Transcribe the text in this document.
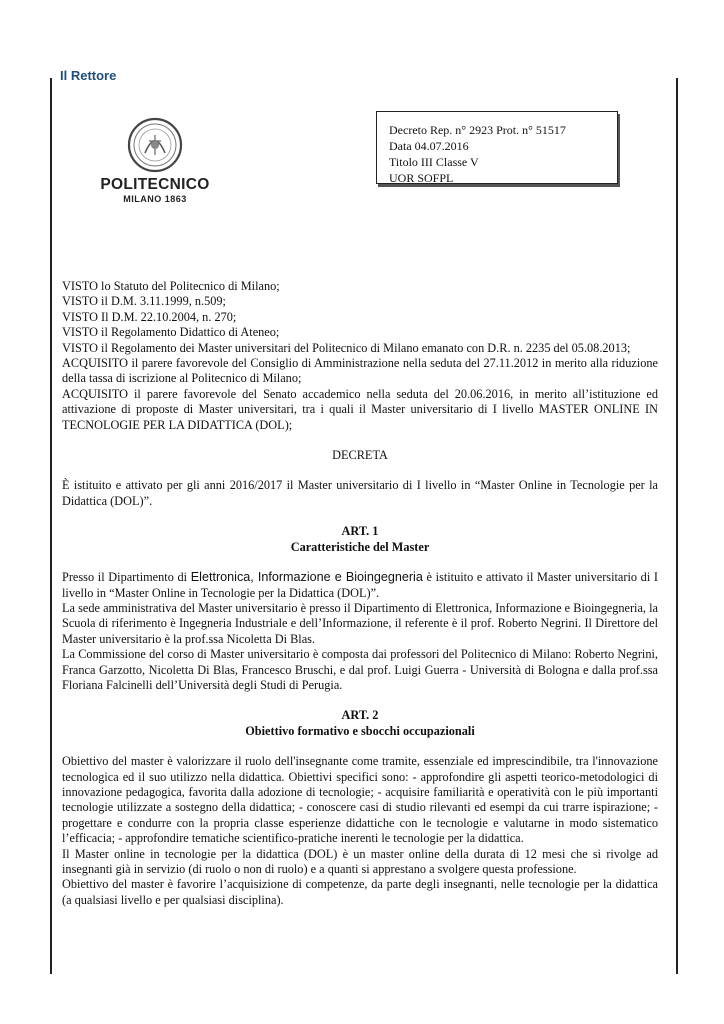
Il Rettore
POLITECNICO
MILANO 1863
Decreto Rep. n° 2923 Prot. n° 51517
Data 04.07.2016
Titolo III Classe V
UOR SOFPL

VISTO lo Statuto del Politecnico di Milano;

VISTO il D.M. 3.11.1999, n.509;

VISTO Il D.M. 22.10.2004, n. 270;

VISTO il Regolamento Didattico di Ateneo;

VISTO il Regolamento dei Master universitari del Politecnico di Milano emanato con D.R. n. 2235 del 05.08.2013;

ACQUISITO il parere favorevole del Consiglio di Amministrazione nella seduta del 27.11.2012 in merito alla riduzione della tassa di iscrizione al Politecnico di Milano;

ACQUISITO il parere favorevole del Senato accademico nella seduta del 20.06.2016, in merito all’istituzione ed attivazione di proposte di Master universitari, tra i quali il Master universitario di I livello MASTER ONLINE IN TECNOLOGIE PER LA DIDATTICA (DOL);

DECRETA

È istituito e attivato per gli anni 2016/2017 il Master universitario di I livello in “Master Online in Tecnologie per la Didattica (DOL)”.

ART. 1

Caratteristiche del Master

Presso il Dipartimento di Elettronica, Informazione e Bioingegneria è istituito e attivato il Master universitario di I livello in “Master Online in Tecnologie per la Didattica (DOL)”.

La sede amministrativa del Master universitario è presso il Dipartimento di Elettronica, Informazione e Bioingegneria, la Scuola di riferimento è Ingegneria Industriale e dell’Informazione, il referente è il prof. Roberto Negrini. Il Direttore del Master universitario è la prof.ssa Nicoletta Di Blas.

La Commissione del corso di Master universitario è composta dai professori del Politecnico di Milano: Roberto Negrini, Franca Garzotto, Nicoletta Di Blas, Francesco Bruschi, e dal prof. Luigi Guerra - Università di Bologna e dalla prof.ssa Floriana Falcinelli dell’Università degli Studi di Perugia.

ART. 2

Obiettivo formativo e sbocchi occupazionali

Obiettivo del master è valorizzare il ruolo dell'insegnante come tramite, essenziale ed imprescindibile, tra l'innovazione tecnologica ed il suo utilizzo nella didattica. Obiettivi specifici sono: - approfondire gli aspetti teorico-metodologici di innovazione pedagogica, favorita dalla adozione di tecnologie; - acquisire familiarità e operatività con le più importanti tecnologie utilizzate a sostegno della didattica; - conoscere casi di studio rilevanti ed esempi da cui trarre ispirazione; - progettare e condurre con la propria classe esperienze didattiche con le tecnologie e valutarne in modo sistematico l’efficacia; - approfondire tematiche scientifico-pratiche inerenti le tecnologie per la didattica.

Il Master online in tecnologie per la didattica (DOL) è un master online della durata di 12 mesi che si rivolge ad insegnanti già in servizio (di ruolo o non di ruolo) e a quanti si apprestano a svolgere questa professione.

Obiettivo del master è favorire l’acquisizione di competenze, da parte degli insegnanti, nelle tecnologie per la didattica (a qualsiasi livello e per qualsiasi disciplina).
